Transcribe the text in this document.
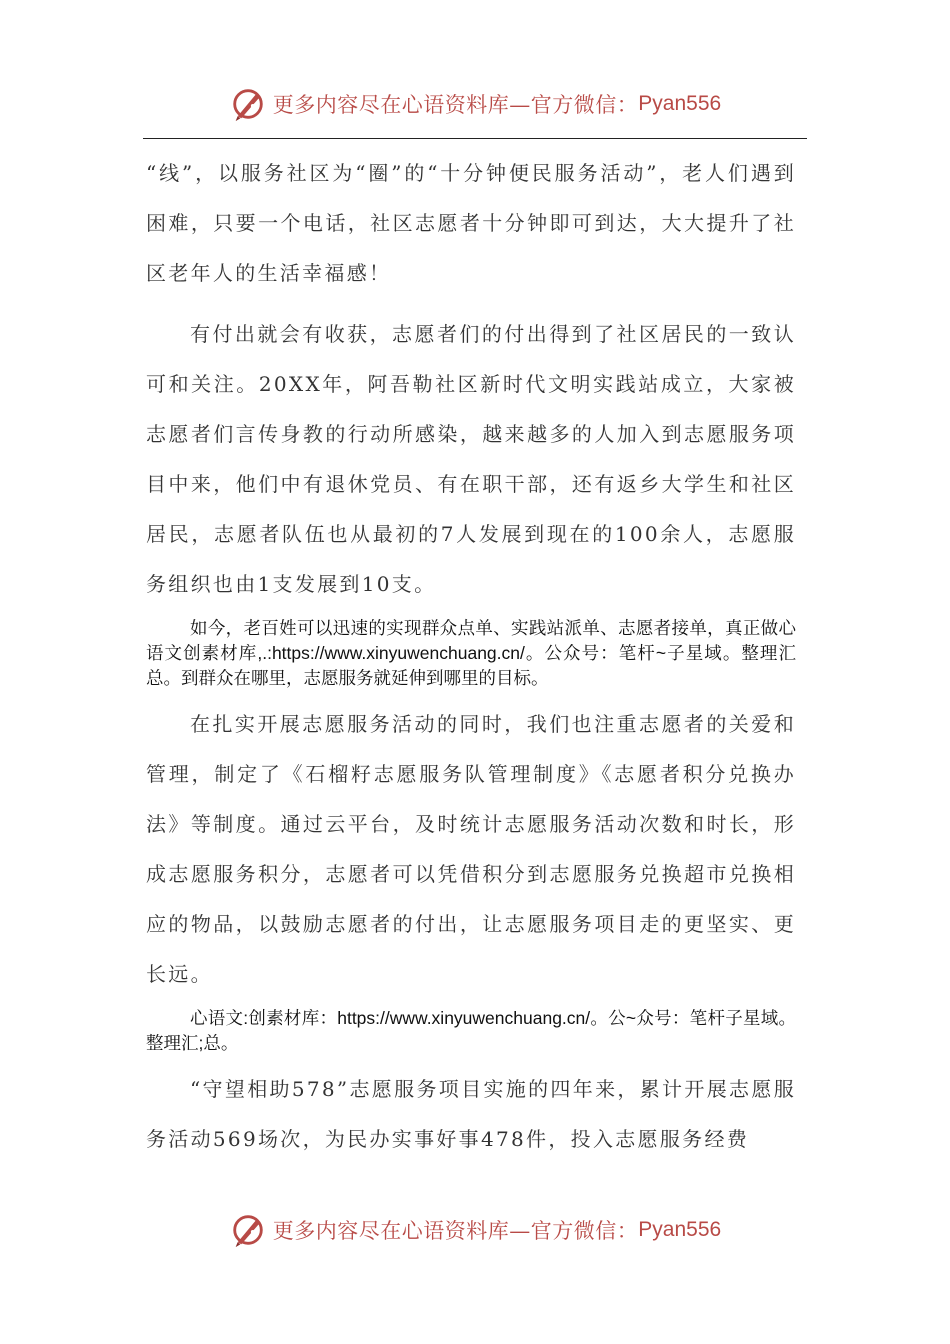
更多内容尽在心语资料库—官方微信： Pyan556

“线”，以服务社区为“圈”的“十分钟便民服务活动”，老人们遇到困难，只要一个电话，社区志愿者十分钟即可到达，大大提升了社区老年人的生活幸福感！

有付出就会有收获，志愿者们的付出得到了社区居民的一致认可和关注。20XX年，阿吾勒社区新时代文明实践站成立，大家被志愿者们言传身教的行动所感染，越来越多的人加入到志愿服务项目中来，他们中有退休党员、有在职干部，还有返乡大学生和社区居民，志愿者队伍也从最初的7人发展到现在的100余人，志愿服务组织也由1支发展到10支。

如今，老百姓可以迅速的实现群众点单、实践站派单、志愿者接单，真正做心语文创素材库,.:https://www.xinyuwenchuang.cn/。公众号：笔杆~子星域。整理汇总。到群众在哪里，志愿服务就延伸到哪里的目标。

在扎实开展志愿服务活动的同时，我们也注重志愿者的关爱和管理，制定了《石榴籽志愿服务队管理制度》《志愿者积分兑换办法》等制度。通过云平台，及时统计志愿服务活动次数和时长，形成志愿服务积分，志愿者可以凭借积分到志愿服务兑换超市兑换相应的物品，以鼓励志愿者的付出，让志愿服务项目走的更坚实、更长远。

心语文:创素材库：https://www.xinyuwenchuang.cn/。公~众号：笔杆子星域。整理汇;总。

“守望相助578”志愿服务项目实施的四年来，累计开展志愿服务活动569场次，为民办实事好事478件，投入志愿服务经费

更多内容尽在心语资料库—官方微信： Pyan556
